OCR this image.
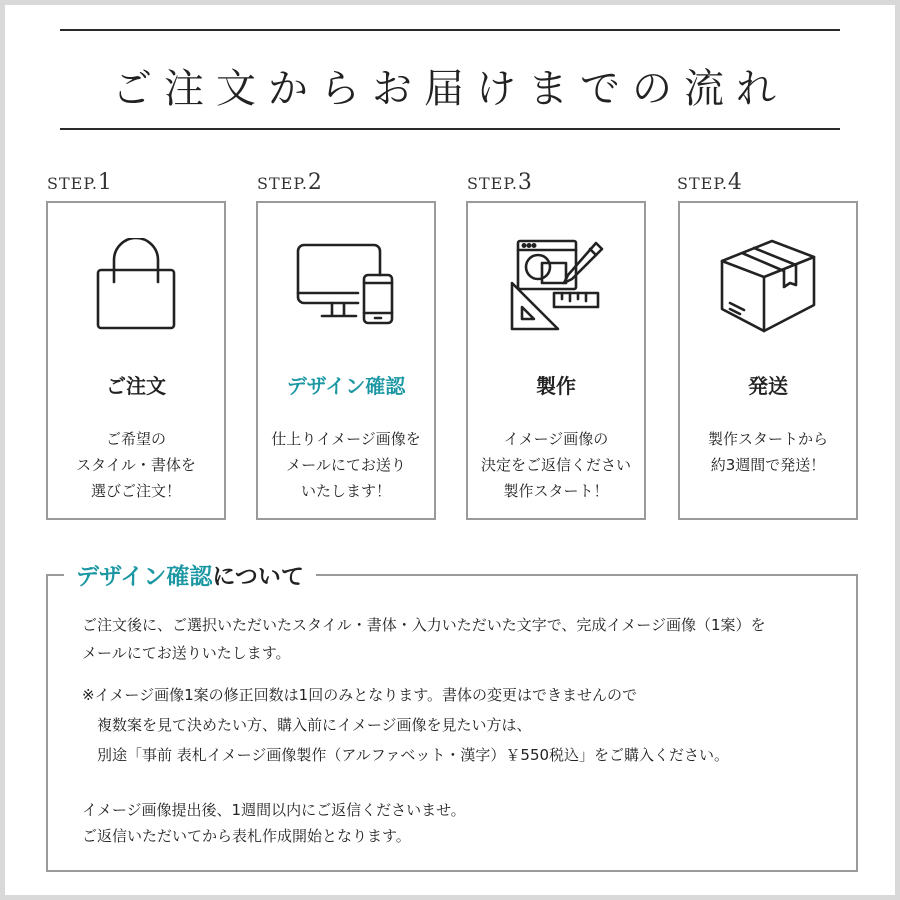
ご注文からお届けまでの流れ
STEP. 1
ご注文
ご希望の
スタイル・書体を
選びご注文！
STEP. 2
デザイン確認
仕上りイメージ画像を
メールにてお送り
いたします！
STEP. 3
製作
イメージ画像の
決定をご返信ください
製作スタート！
STEP. 4
発送
製作スタートから
約3週間で発送！
デザイン確認 について
ご注文後に、ご選択いただいたスタイル・書体・入力いただいた文字で、完成イメージ画像（1案）を
メールにてお送りいたします。
※イメージ画像1案の修正回数は1回のみとなります。書体の変更はできませんので
複数案を見て決めたい方、購入前にイメージ画像を見たい方は、
別途「事前 表札イメージ画像製作（アルファベット・漢字）￥550税込」をご購入ください。
イメージ画像提出後、1週間以内にご返信くださいませ。
ご返信いただいてから表札作成開始となります。
